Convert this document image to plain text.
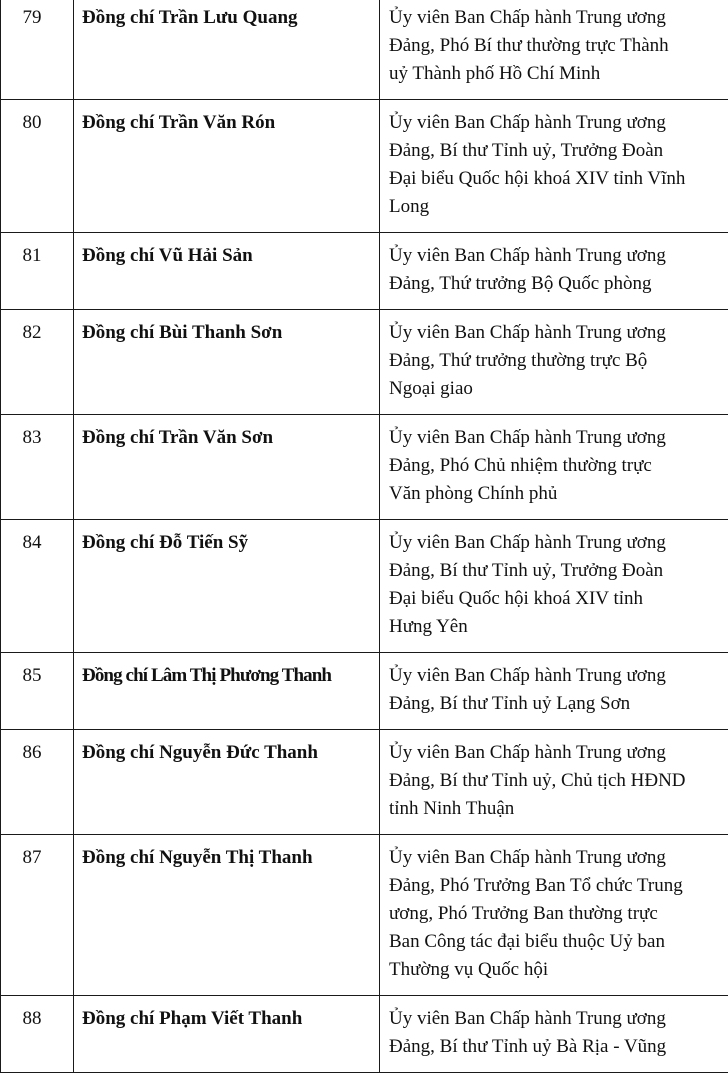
79	Đồng chí Trần Lưu Quang	Ủy viên Ban Chấp hành Trung ương
Đảng, Phó Bí thư thường trực Thành
uỷ Thành phố Hồ Chí Minh
80	Đồng chí Trần Văn Rón	Ủy viên Ban Chấp hành Trung ương
Đảng, Bí thư Tỉnh uỷ, Trưởng Đoàn
Đại biểu Quốc hội khoá XIV tỉnh Vĩnh
Long
81	Đồng chí Vũ Hải Sản	Ủy viên Ban Chấp hành Trung ương
Đảng, Thứ trưởng Bộ Quốc phòng
82	Đồng chí Bùi Thanh Sơn	Ủy viên Ban Chấp hành Trung ương
Đảng, Thứ trưởng thường trực Bộ
Ngoại giao
83	Đồng chí Trần Văn Sơn	Ủy viên Ban Chấp hành Trung ương
Đảng, Phó Chủ nhiệm thường trực
Văn phòng Chính phủ
84	Đồng chí Đỗ Tiến Sỹ	Ủy viên Ban Chấp hành Trung ương
Đảng, Bí thư Tỉnh uỷ, Trưởng Đoàn
Đại biểu Quốc hội khoá XIV tỉnh
Hưng Yên
85	Đồng chí Lâm Thị Phương Thanh	Ủy viên Ban Chấp hành Trung ương
Đảng, Bí thư Tỉnh uỷ Lạng Sơn
86	Đồng chí Nguyễn Đức Thanh	Ủy viên Ban Chấp hành Trung ương
Đảng, Bí thư Tỉnh uỷ, Chủ tịch HĐND
tỉnh Ninh Thuận
87	Đồng chí Nguyễn Thị Thanh	Ủy viên Ban Chấp hành Trung ương
Đảng, Phó Trưởng Ban Tổ chức Trung
ương, Phó Trưởng Ban thường trực
Ban Công tác đại biểu thuộc Uỷ ban
Thường vụ Quốc hội
88	Đồng chí Phạm Viết Thanh	Ủy viên Ban Chấp hành Trung ương
Đảng, Bí thư Tỉnh uỷ Bà Rịa - Vũng
